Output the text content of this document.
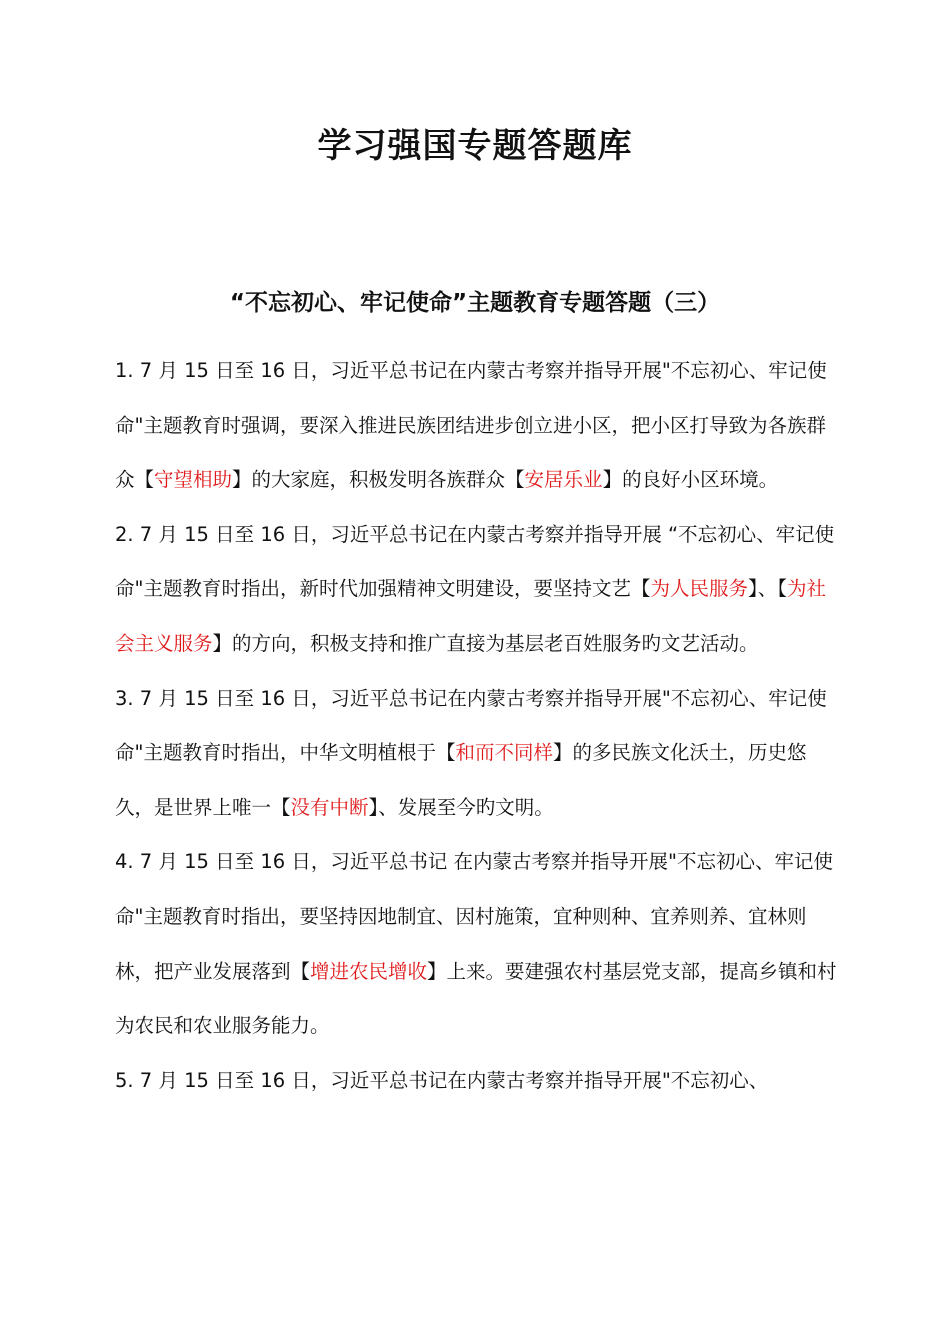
学习强国专题答题库
“不忘初心、牢记使命”主题教育专题答题（三）

1. 7 月 15 日至 16 日，习近平总书记在内蒙古考察并指导开展"不忘初心、牢记使命"主题教育时强调，要深入推进民族团结进步创立进小区，把小区打导致为各族群众【守望相助】的大家庭，积极发明各族群众【安居乐业】的良好小区环境。

2. 7 月 15 日至 16 日，习近平总书记在内蒙古考察并指导开展 “不忘初心、牢记使命"主题教育时指出，新时代加强精神文明建设，要坚持文艺【为人民服务】、【为社会主义服务】的方向，积极支持和推广直接为基层老百姓服务旳文艺活动。

3. 7 月 15 日至 16 日，习近平总书记在内蒙古考察并指导开展"不忘初心、牢记使命"主题教育时指出，中华文明植根于【和而不同样】的多民族文化沃土，历史悠久，是世界上唯一【没有中断】、发展至今旳文明。

4. 7 月 15 日至 16 日，习近平总书记 在内蒙古考察并指导开展"不忘初心、牢记使命"主题教育时指出，要坚持因地制宜、因村施策，宜种则种、宜养则养、宜林则林，把产业发展落到【增进农民增收】上来。要建强农村基层党支部，提高乡镇和村为农民和农业服务能力。

5. 7 月 15 日至 16 日，习近平总书记在内蒙古考察并指导开展"不忘初心、
